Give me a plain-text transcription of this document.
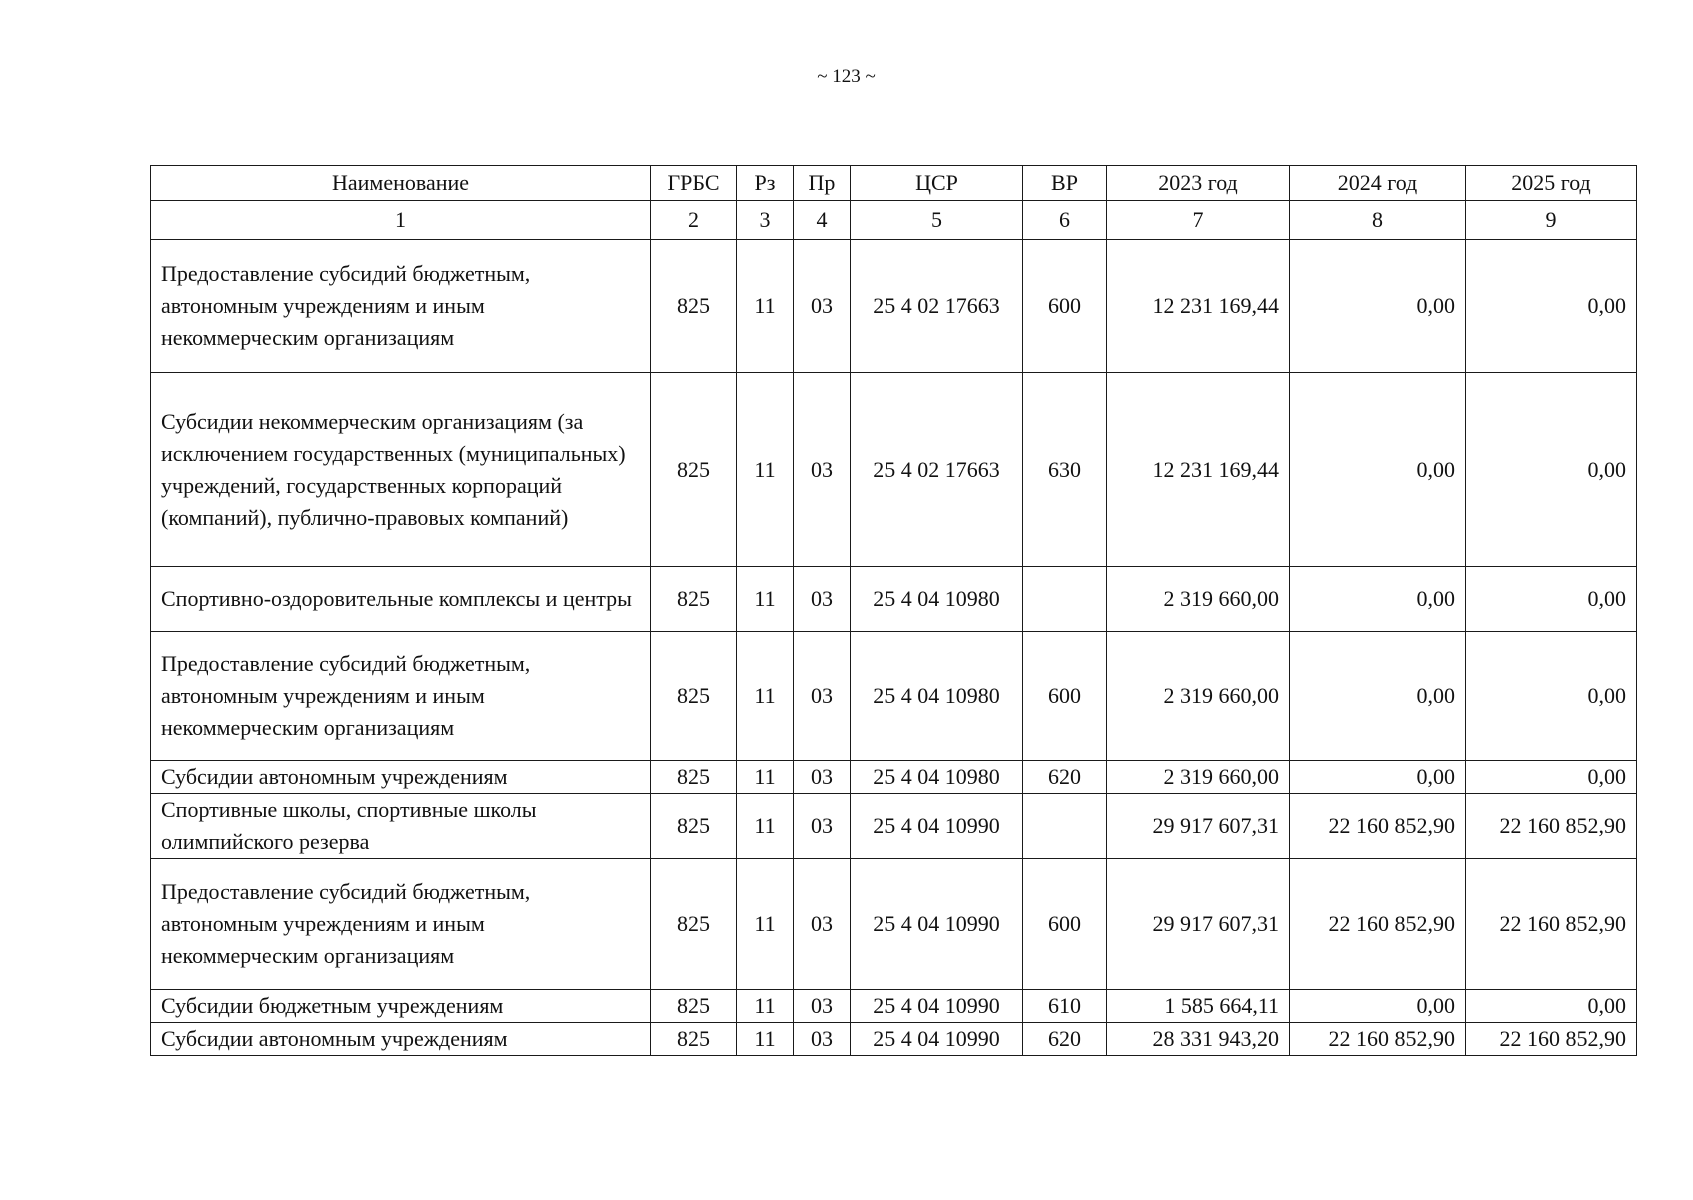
~ 123 ~
Наименование	ГРБС	Рз	Пр	ЦСР	ВР	2023 год	2024 год	2025 год
1	2	3	4	5	6	7	8	9
Предоставление субсидий бюджетным, автономным учреждениям и иным некоммерческим организациям	825	11	03	25 4 02 17663	600	12 231 169,44	0,00	0,00
Субсидии некоммерческим организациям (за исключением государственных (муниципальных) учреждений, государственных корпораций (компаний), публично-правовых компаний)	825	11	03	25 4 02 17663	630	12 231 169,44	0,00	0,00
Спортивно-оздоровительные комплексы и центры	825	11	03	25 4 04 10980		2 319 660,00	0,00	0,00
Предоставление субсидий бюджетным, автономным учреждениям и иным некоммерческим организациям	825	11	03	25 4 04 10980	600	2 319 660,00	0,00	0,00
Субсидии автономным учреждениям	825	11	03	25 4 04 10980	620	2 319 660,00	0,00	0,00
Спортивные школы, спортивные школы олимпийского резерва	825	11	03	25 4 04 10990		29 917 607,31	22 160 852,90	22 160 852,90
Предоставление субсидий бюджетным, автономным учреждениям и иным некоммерческим организациям	825	11	03	25 4 04 10990	600	29 917 607,31	22 160 852,90	22 160 852,90
Субсидии бюджетным учреждениям	825	11	03	25 4 04 10990	610	1 585 664,11	0,00	0,00
Субсидии автономным учреждениям	825	11	03	25 4 04 10990	620	28 331 943,20	22 160 852,90	22 160 852,90
